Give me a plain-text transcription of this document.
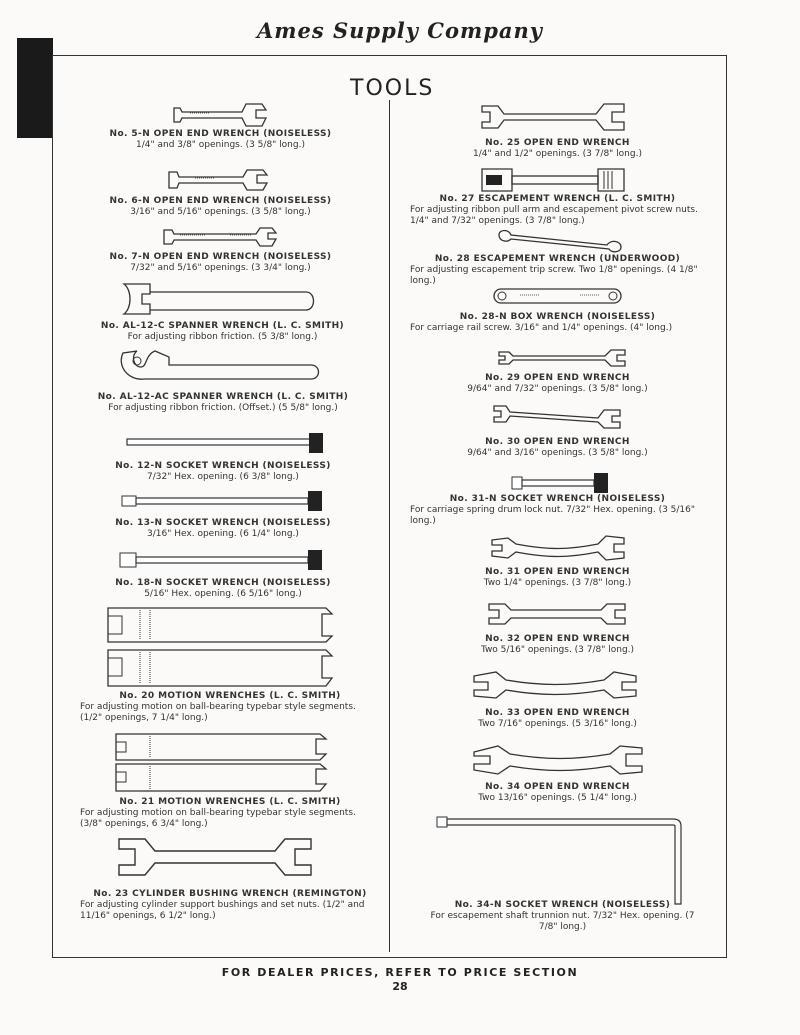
Ames Supply Company
TOOLS
No. 5-N OPEN END WRENCH (NOISELESS)
1/4" and 3/8" openings. (3 5/8" long.)
No. 6-N OPEN END WRENCH (NOISELESS)
3/16" and 5/16" openings. (3 5/8" long.)
No. 7-N OPEN END WRENCH (NOISELESS)
7/32" and 5/16" openings. (3 3/4" long.)
No. AL-12-C SPANNER WRENCH (L. C. SMITH)
For adjusting ribbon friction. (5 3/8" long.)
No. AL-12-AC SPANNER WRENCH (L. C. SMITH)
For adjusting ribbon friction. (Offset.) (5 5/8" long.)
No. 12-N SOCKET WRENCH (NOISELESS)
7/32" Hex. opening. (6 3/8" long.)
No. 13-N SOCKET WRENCH (NOISELESS)
3/16" Hex. opening. (6 1/4" long.)
No. 18-N SOCKET WRENCH (NOISELESS)
5/16" Hex. opening. (6 5/16" long.)
No. 20 MOTION WRENCHES (L. C. SMITH)
For adjusting motion on ball-bearing typebar style segments. (1/2" openings, 7 1/4" long.)
No. 21 MOTION WRENCHES (L. C. SMITH)
For adjusting motion on ball-bearing typebar style segments. (3/8" openings, 6 3/4" long.)
No. 23 CYLINDER BUSHING WRENCH (REMINGTON)
For adjusting cylinder support bushings and set nuts. (1/2" and 11/16" openings, 6 1/2" long.)
No. 25 OPEN END WRENCH
1/4" and 1/2" openings. (3 7/8" long.)
No. 27 ESCAPEMENT WRENCH (L. C. SMITH)
For adjusting ribbon pull arm and escapement pivot screw nuts. 1/4" and 7/32" openings. (3 7/8" long.)
No. 28 ESCAPEMENT WRENCH (UNDERWOOD)
For adjusting escapement trip screw. Two 1/8" openings. (4 1/8" long.)
No. 28-N BOX WRENCH (NOISELESS)
For carriage rail screw. 3/16" and 1/4" openings. (4" long.)
No. 29 OPEN END WRENCH
9/64" and 7/32" openings. (3 5/8" long.)
No. 30 OPEN END WRENCH
9/64" and 3/16" openings. (3 5/8" long.)
No. 31-N SOCKET WRENCH (NOISELESS)
For carriage spring drum lock nut. 7/32" Hex. opening. (3 5/16" long.)
No. 31 OPEN END WRENCH
Two 1/4" openings. (3 7/8" long.)
No. 32 OPEN END WRENCH
Two 5/16" openings. (3 7/8" long.)
No. 33 OPEN END WRENCH
Two 7/16" openings. (5 3/16" long.)
No. 34 OPEN END WRENCH
Two 13/16" openings. (5 1/4" long.)
No. 34-N SOCKET WRENCH (NOISELESS)
For escapement shaft trunnion nut. 7/32" Hex. opening. (7 7/8" long.)
FOR DEALER PRICES, REFER TO PRICE SECTION
28
